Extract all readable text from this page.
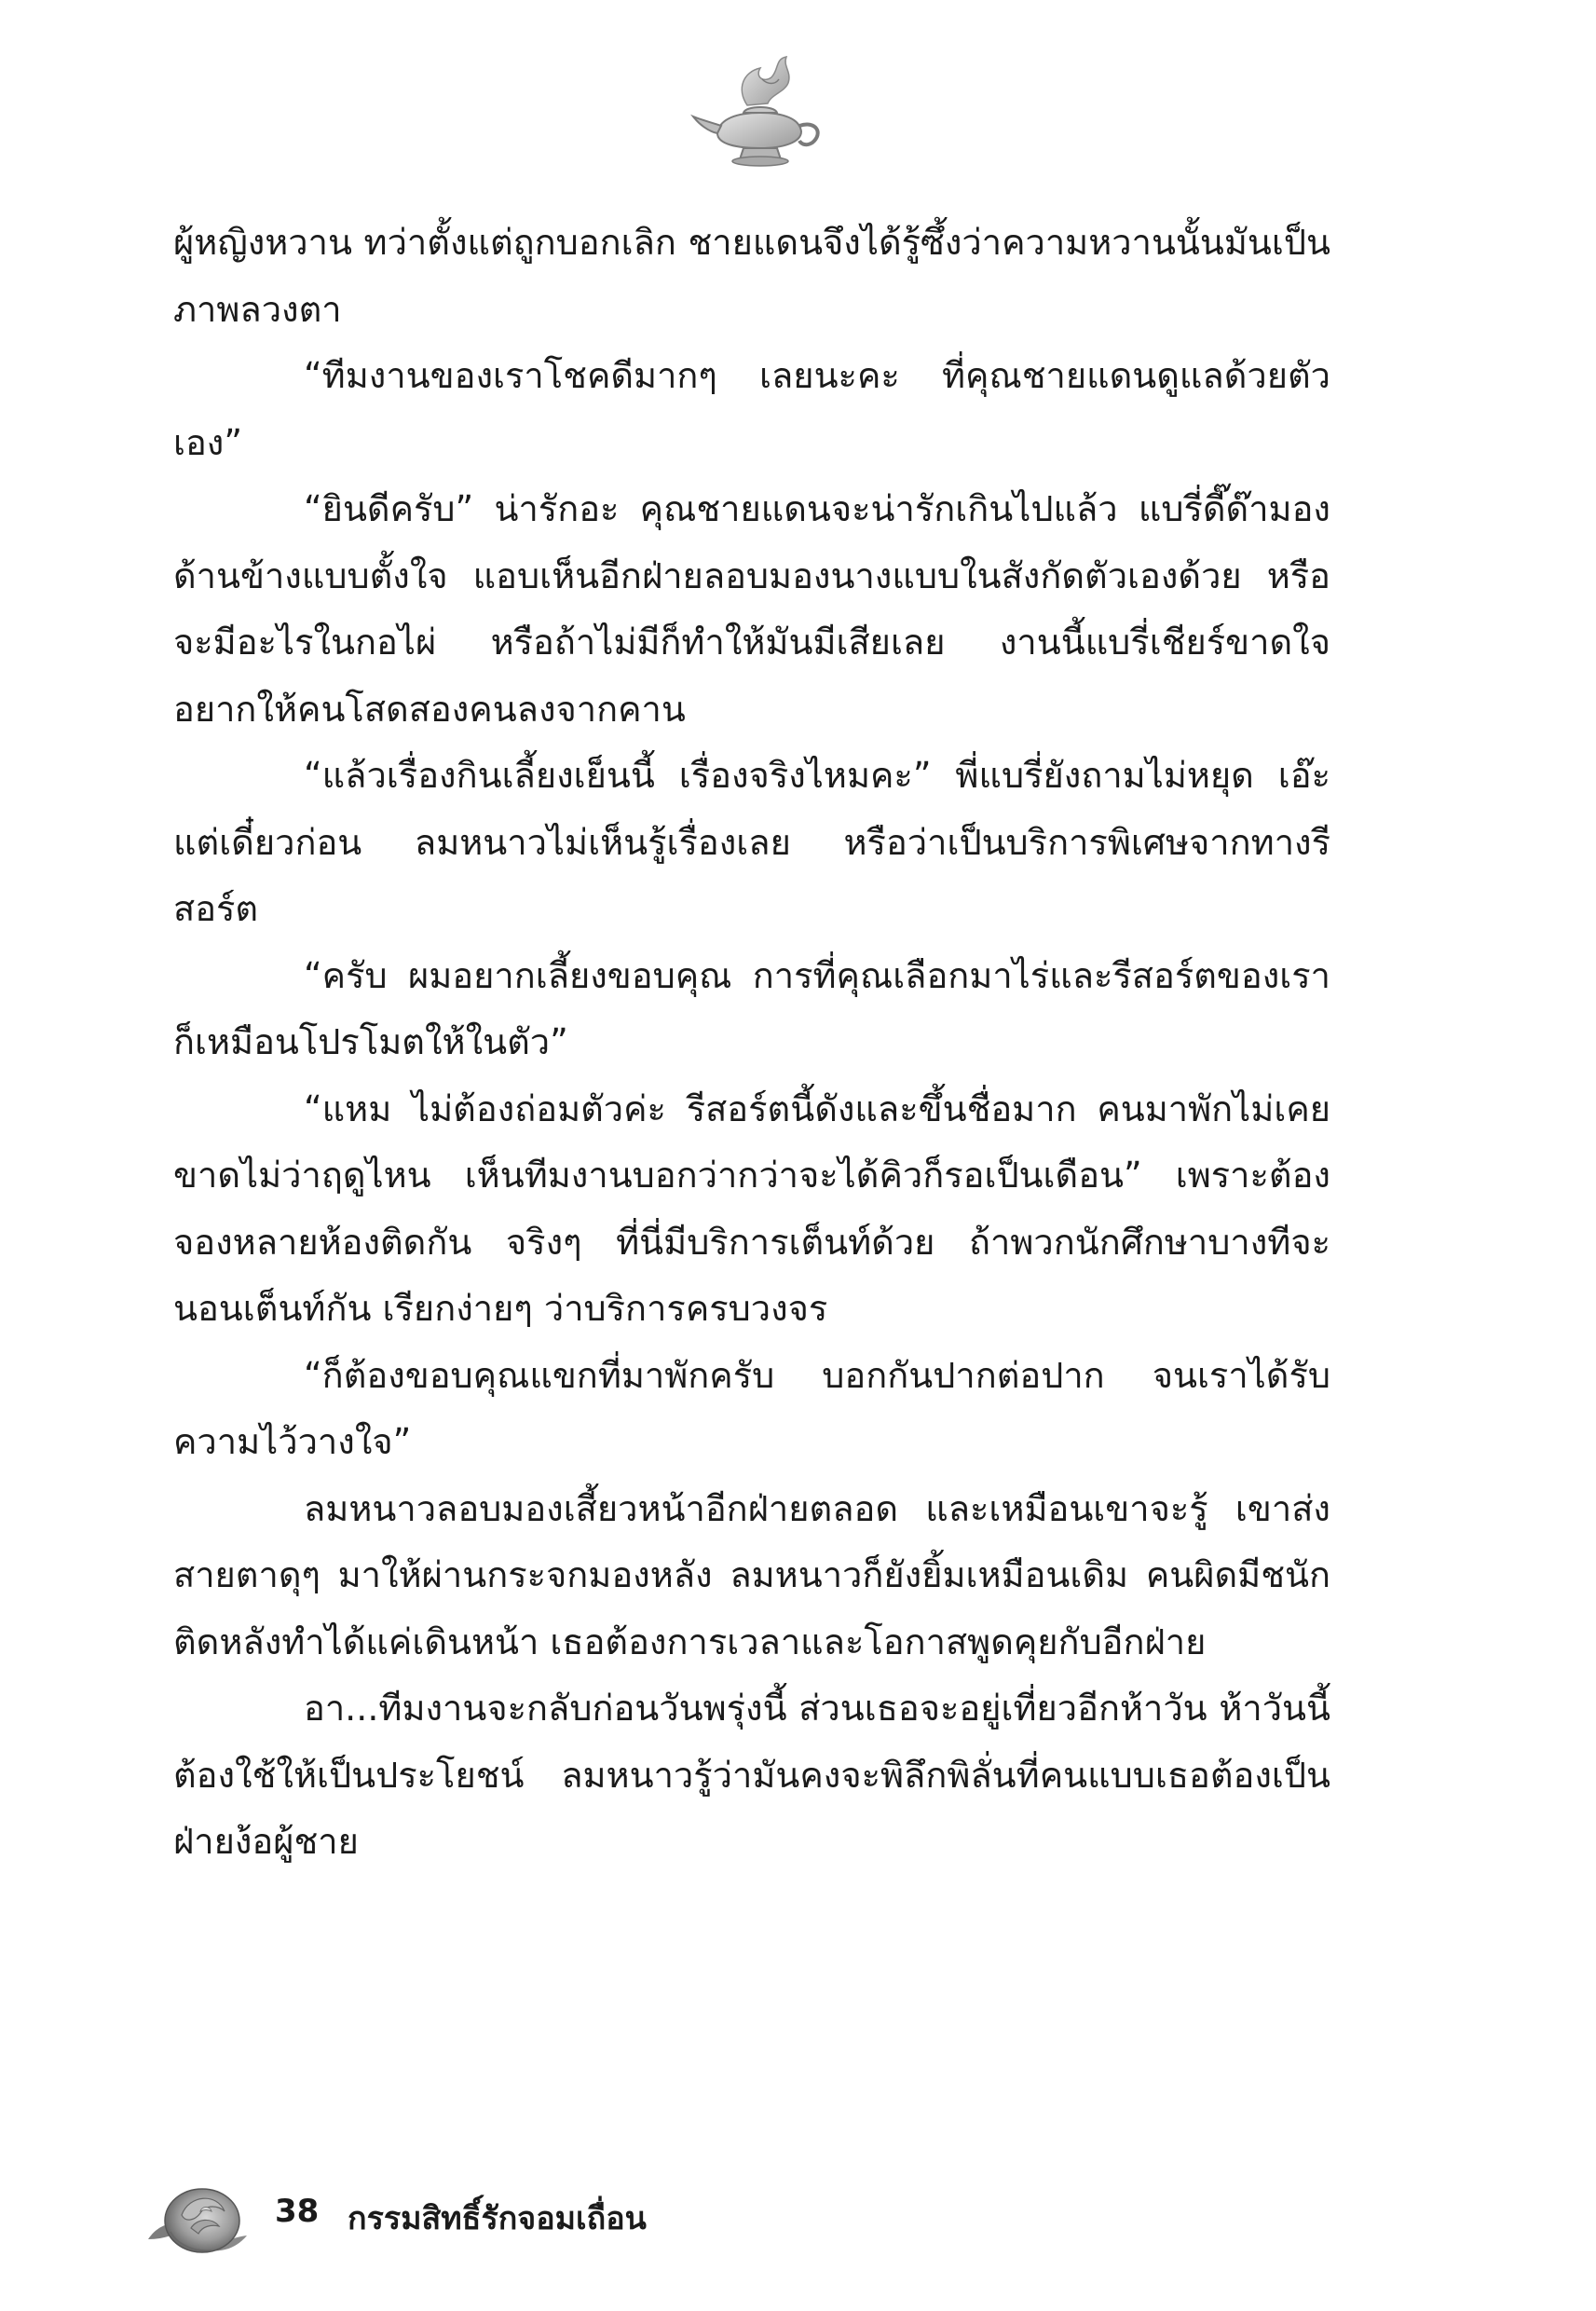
ผู้หญิงหวาน ทว่าตั้งแต่ถูกบอกเลิก ชายแดนจึงได้รู้ซึ้งว่าความหวานนั้นมันเป็นภาพลวงตา

“ทีมงานของเราโชคดีมากๆ เลยนะคะ ที่คุณชายแดนดูแลด้วยตัวเอง”

“ยินดีครับ” น่ารักอะ คุณชายแดนจะน่ารักเกินไปแล้ว แบรี่ดี๊ด๊ามองด้านข้างแบบตั้งใจ แอบเห็นอีกฝ่ายลอบมองนางแบบในสังกัดตัวเองด้วย หรือจะมีอะไรในกอไผ่ หรือถ้าไม่มีก็ทำให้มันมีเสียเลย งานนี้แบรี่เชียร์ขาดใจ อยากให้คนโสดสองคนลงจากคาน

“แล้วเรื่องกินเลี้ยงเย็นนี้ เรื่องจริงไหมคะ” พี่แบรี่ยังถามไม่หยุด เอ๊ะ แต่เดี๋ยวก่อน ลมหนาวไม่เห็นรู้เรื่องเลย หรือว่าเป็นบริการพิเศษจากทางรีสอร์ต

“ครับ ผมอยากเลี้ยงขอบคุณ การที่คุณเลือกมาไร่และรีสอร์ตของเรา ก็เหมือนโปรโมตให้ในตัว”

“แหม ไม่ต้องถ่อมตัวค่ะ รีสอร์ตนี้ดังและขึ้นชื่อมาก คนมาพักไม่เคยขาดไม่ว่าฤดูไหน เห็นทีมงานบอกว่ากว่าจะได้คิวก็รอเป็นเดือน” เพราะต้องจองหลายห้องติดกัน จริงๆ ที่นี่มีบริการเต็นท์ด้วย ถ้าพวกนักศึกษาบางทีจะนอนเต็นท์กัน เรียกง่ายๆ ว่าบริการครบวงจร

“ก็ต้องขอบคุณแขกที่มาพักครับ บอกกันปากต่อปาก จนเราได้รับความไว้วางใจ”

ลมหนาวลอบมองเสี้ยวหน้าอีกฝ่ายตลอด และเหมือนเขาจะรู้ เขาส่งสายตาดุๆ มาให้ผ่านกระจกมองหลัง ลมหนาวก็ยังยิ้มเหมือนเดิม คนผิดมีชนักติดหลังทำได้แค่เดินหน้า เธอต้องการเวลาและโอกาสพูดคุยกับอีกฝ่าย

อา...ทีมงานจะกลับก่อนวันพรุ่งนี้ ส่วนเธอจะอยู่เที่ยวอีกห้าวัน ห้าวันนี้ต้องใช้ให้เป็นประโยชน์ ลมหนาวรู้ว่ามันคงจะพิลึกพิลั่นที่คนแบบเธอต้องเป็นฝ่ายง้อผู้ชาย

38 กรรมสิทธิ์รักจอมเถื่อน
